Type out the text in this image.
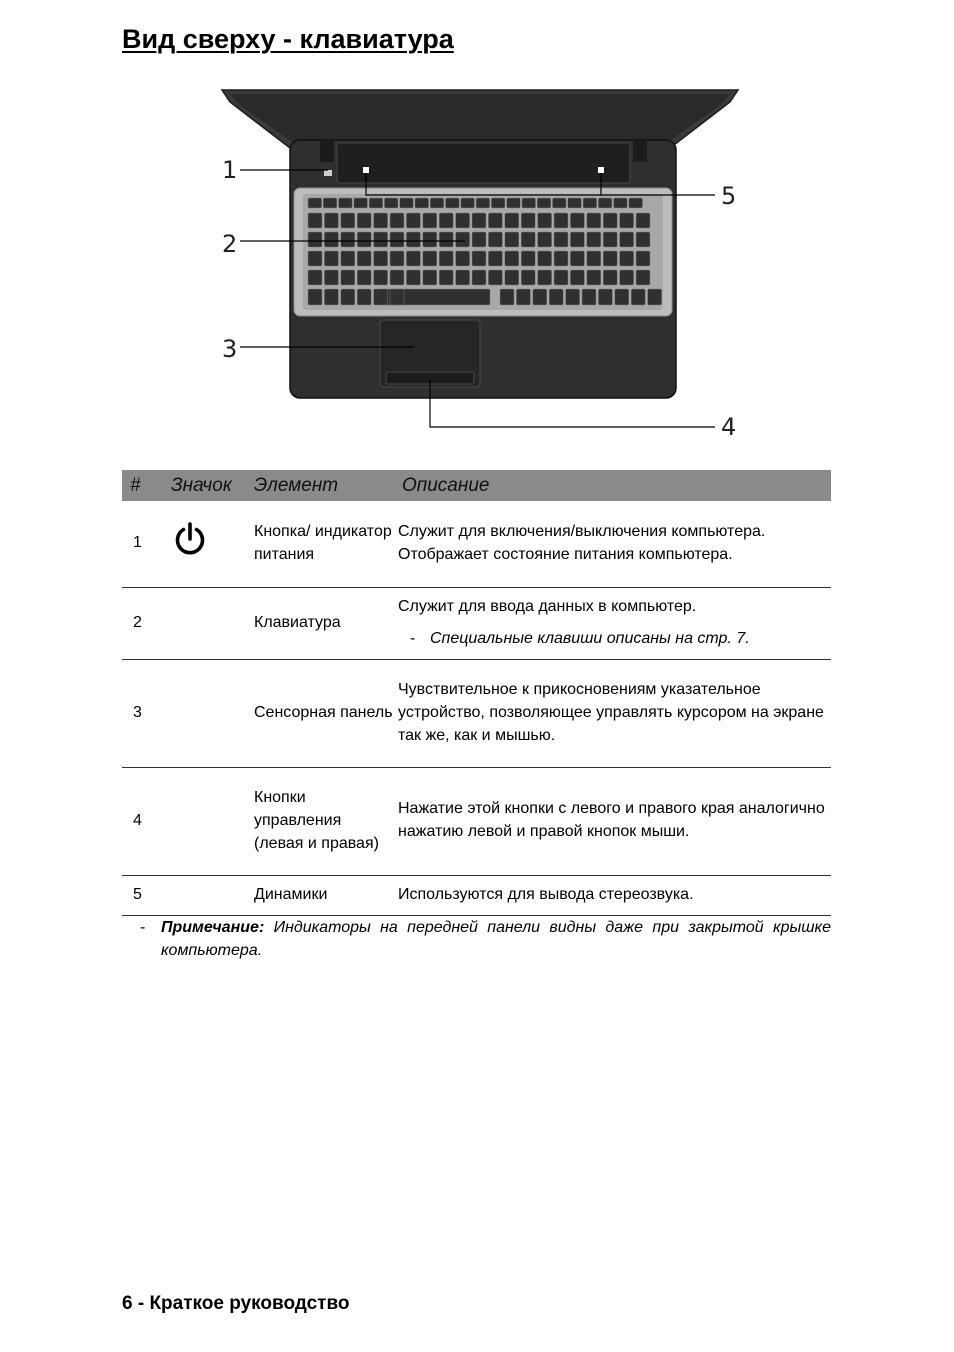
Вид сверху - клавиатура
1
2
3
4
5
#	Значок	Элемент	Описание
1		Кнопка/ индикатор питания	Служит для включения/выключения компьютера. Отображает состояние питания компьютера.
2		Клавиатура	Служит для ввода данных в компьютер.
- Специальные клавиши описаны на стр. 7.

3		Сенсорная панель	Чувствительное к прикосновениям указательное устройство, позволяющее управлять курсором на экране так же, как и мышью.
4		Кнопки управления (левая и правая)	Нажатие этой кнопки с левого и правого края аналогично нажатию левой и правой кнопок мыши.
5		Динамики	Используются для вывода стереозвука.
- Примечание: Индикаторы на передней панели видны даже при закрытой крышке компьютера.
6 - Краткое руководство
